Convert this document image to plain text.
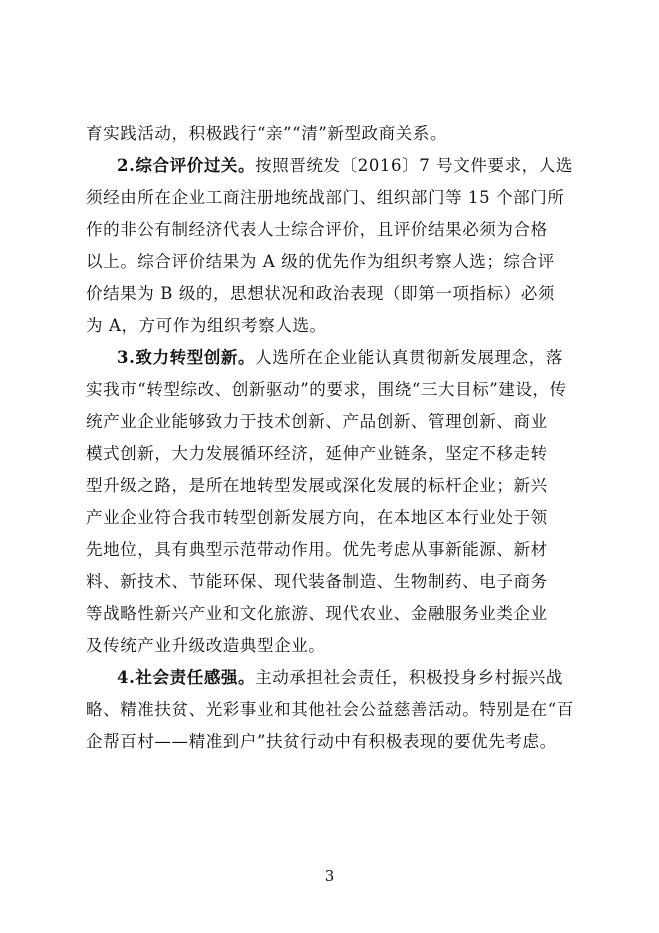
育实践活动，积极践行“亲”“清”新型政商关系。
2.综合评价过关。按照晋统发〔2016〕7 号文件要求，人选
须经由所在企业工商注册地统战部门、组织部门等 15 个部门所
作的非公有制经济代表人士综合评价，且评价结果必须为合格
以上。综合评价结果为 A 级的优先作为组织考察人选；综合评
价结果为 B 级的，思想状况和政治表现（即第一项指标）必须
为 A，方可作为组织考察人选。
3.致力转型创新。人选所在企业能认真贯彻新发展理念，落
实我市“转型综改、创新驱动”的要求，围绕“三大目标”建设，传
统产业企业能够致力于技术创新、产品创新、管理创新、商业
模式创新，大力发展循环经济，延伸产业链条，坚定不移走转
型升级之路，是所在地转型发展或深化发展的标杆企业；新兴
产业企业符合我市转型创新发展方向，在本地区本行业处于领
先地位，具有典型示范带动作用。优先考虑从事新能源、新材
料、新技术、节能环保、现代装备制造、生物制药、电子商务
等战略性新兴产业和文化旅游、现代农业、金融服务业类企业
及传统产业升级改造典型企业。
4.社会责任感强。主动承担社会责任，积极投身乡村振兴战
略、精准扶贫、光彩事业和其他社会公益慈善活动。特别是在“百
企帮百村——精准到户”扶贫行动中有积极表现的要优先考虑。
3
